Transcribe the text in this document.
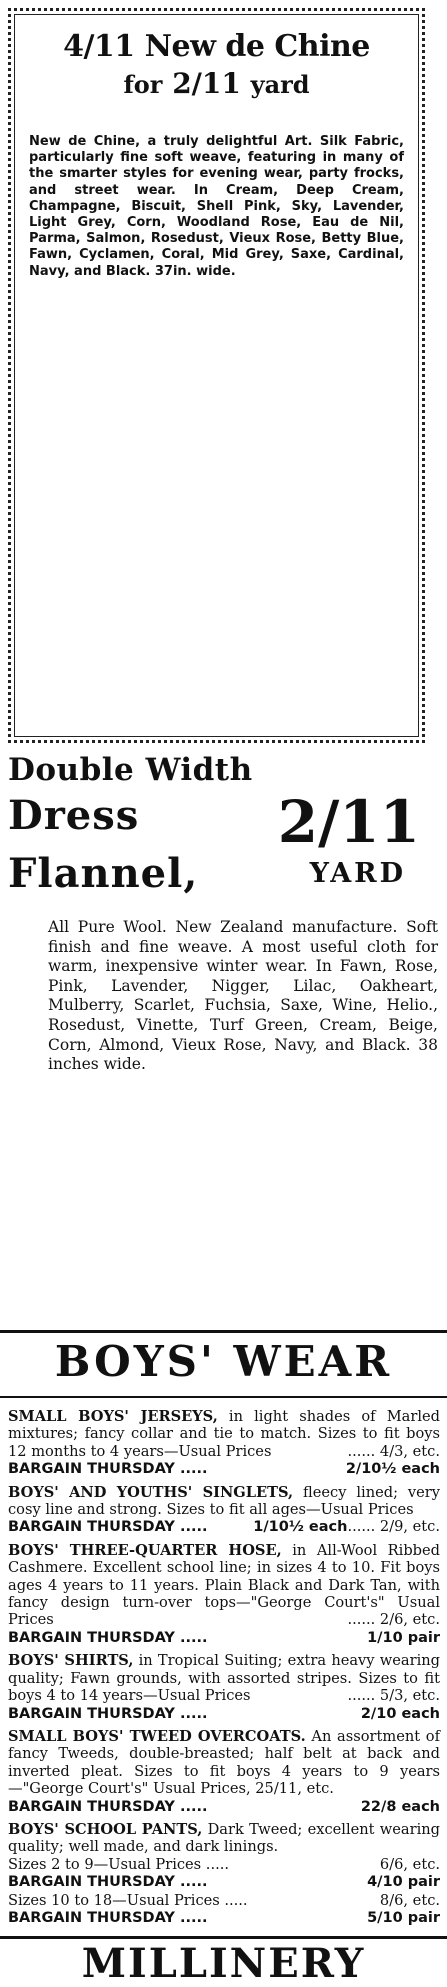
4/11 New de Chine
for 2/11 yard
New de Chine, a truly delightful Art. Silk Fabric, particularly fine soft weave, featuring in many of the smarter styles for evening wear, party frocks, and street wear. In Cream, Deep Cream, Champagne, Biscuit, Shell Pink, Sky, Lavender, Light Grey, Corn, Woodland Rose, Eau de Nil, Parma, Salmon, Rosedust, Vieux Rose, Betty Blue, Fawn, Cyclamen, Coral, Mid Grey, Saxe, Cardinal, Navy, and Black. 37in. wide.
Double Width
Dress
Flannel,
2/11
YARD
All Pure Wool. New Zealand manufacture. Soft finish and fine weave. A most useful cloth for warm, inexpensive winter wear. In Fawn, Rose, Pink, Lavender, Nigger, Lilac, Oakheart, Mulberry, Scarlet, Fuchsia, Saxe, Wine, Helio., Rosedust, Vinette, Turf Green, Cream, Beige, Corn, Almond, Vieux Rose, Navy, and Black. 38 inches wide.
BOYS' WEAR
SMALL BOYS' JERSEYS, in light shades of Marled mixtures; fancy collar and tie to match. Sizes to fit boys 12 months to 4 years—Usual Prices	...... 4/3, etc.
BARGAIN THURSDAY .....	2/10½ each
BOYS' AND YOUTHS' SINGLETS, fleecy lined; very cosy line and strong. Sizes to fit all ages—Usual Prices
...... 2/9, etc.
BARGAIN THURSDAY .....	1/10½ each
BOYS' THREE-QUARTER HOSE, in All-Wool Ribbed Cashmere. Excellent school line; in sizes 4 to 10. Fit boys ages 4 years to 11 years. Plain Black and Dark Tan, with fancy design turn-over tops—"George Court's" Usual Prices	...... 2/6, etc.
BARGAIN THURSDAY .....	1/10 pair
BOYS' SHIRTS, in Tropical Suiting; extra heavy wearing quality; Fawn grounds, with assorted stripes. Sizes to fit boys 4 to 14 years—Usual Prices	...... 5/3, etc.
BARGAIN THURSDAY .....	2/10 each
SMALL BOYS' TWEED OVERCOATS. An assortment of fancy Tweeds, double-breasted; half belt at back and inverted pleat. Sizes to fit boys 4 years to 9 years—"George Court's" Usual Prices, 25/11, etc.
BARGAIN THURSDAY .....	22/8 each
BOYS' SCHOOL PANTS, Dark Tweed; excellent wearing quality; well made, and dark linings.
Sizes 2 to 9—Usual Prices .....	6/6, etc.
BARGAIN THURSDAY .....	4/10 pair
Sizes 10 to 18—Usual Prices .....	8/6, etc.
BARGAIN THURSDAY .....	5/10 pair
MILLINERY
